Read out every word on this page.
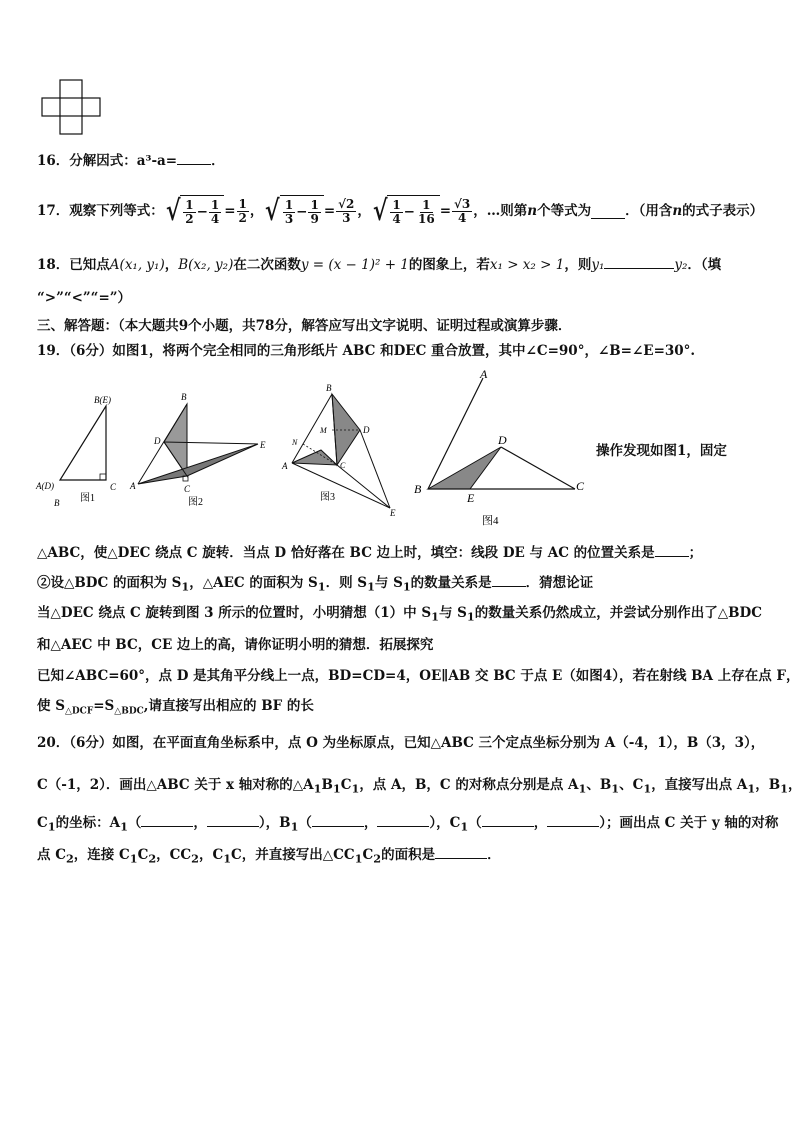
16．分解因式：a³-a=	．
17．观察下列等式： √ $\frac{1}{2} - \frac{1}{4} = \frac{1}{2}$ ， √ $\frac{1}{3} - \frac{1}{9} = \frac{√2}{3}$ ， √ $\frac{1}{4} - \frac{1}{16} = \frac{√3}{4}$ ，…则第 n 个等式为	．（用含 n 的式子表示）
18．已知点A(x₁, y₁)，B(x₂, y₂)在二次函数y = (x − 1)² + 1的图象上，若x₁ > x₂ > 1，则y₁	y₂．（填
“>”“<”“=”）
三、解答题：（本大题共9个小题，共78分，解答应写出文字说明、证明过程或演算步骤．
19．（6分）如图1，将两个完全相同的三角形纸片 ABC 和DEC 重合放置，其中∠C=90°，∠B=∠E=30°.
B(E)
A(D)	C
B 图1
B
D	E
A	C
图2
B
M	D
N
A	C
E
图3
A
D
B
E
C
图4
操作发现如图1，固定
△ABC，使△DEC 绕点 C 旋转．当点 D 恰好落在 BC 边上时，填空：线段 DE 与 AC 的位置关系是	；
②设△BDC 的面积为 $S_1$，△AEC 的面积为 $S_1$．则 $S_1$与 $S_1$的数量关系是	．猜想论证
当△DEC 绕点 C 旋转到图 3 所示的位置时，小明猜想（1）中 $S_1$与 $S_1$的数量关系仍然成立，并尝试分别作出了△BDC
和△AEC 中 BC，CE 边上的高，请你证明小明的猜想．拓展探究
已知∠ABC=60°，点 D 是其角平分线上一点，BD=CD=4，OE∥AB 交 BC 于点 E（如图4），若在射线 BA 上存在点 F，
使 $S_{\triangle DCF}=S_{\triangle BDC}$,请直接写出相应的 BF 的长
20．（6分）如图，在平面直角坐标系中，点 O 为坐标原点，已知△ABC 三个定点坐标分别为 A（-4，1），B（3，3），
C（-1，2）．画出△ABC 关于 x 轴对称的$\triangle A_1B_1C_1$，点 A，B，C 的对称点分别是点 $A_1$、$B_1$、$C_1$，直接写出点 $A_1$，$B_1$，
$C_1$的坐标：$A_1$（	，	），$B_1$（	，	），$C_1$（	，	）；画出点 C 关于 y 轴的对称
点 $C_2$，连接 $C_1C_2$，$CC_2$，$C_1C$，并直接写出$\triangle CC_1C_2$的面积是	．
